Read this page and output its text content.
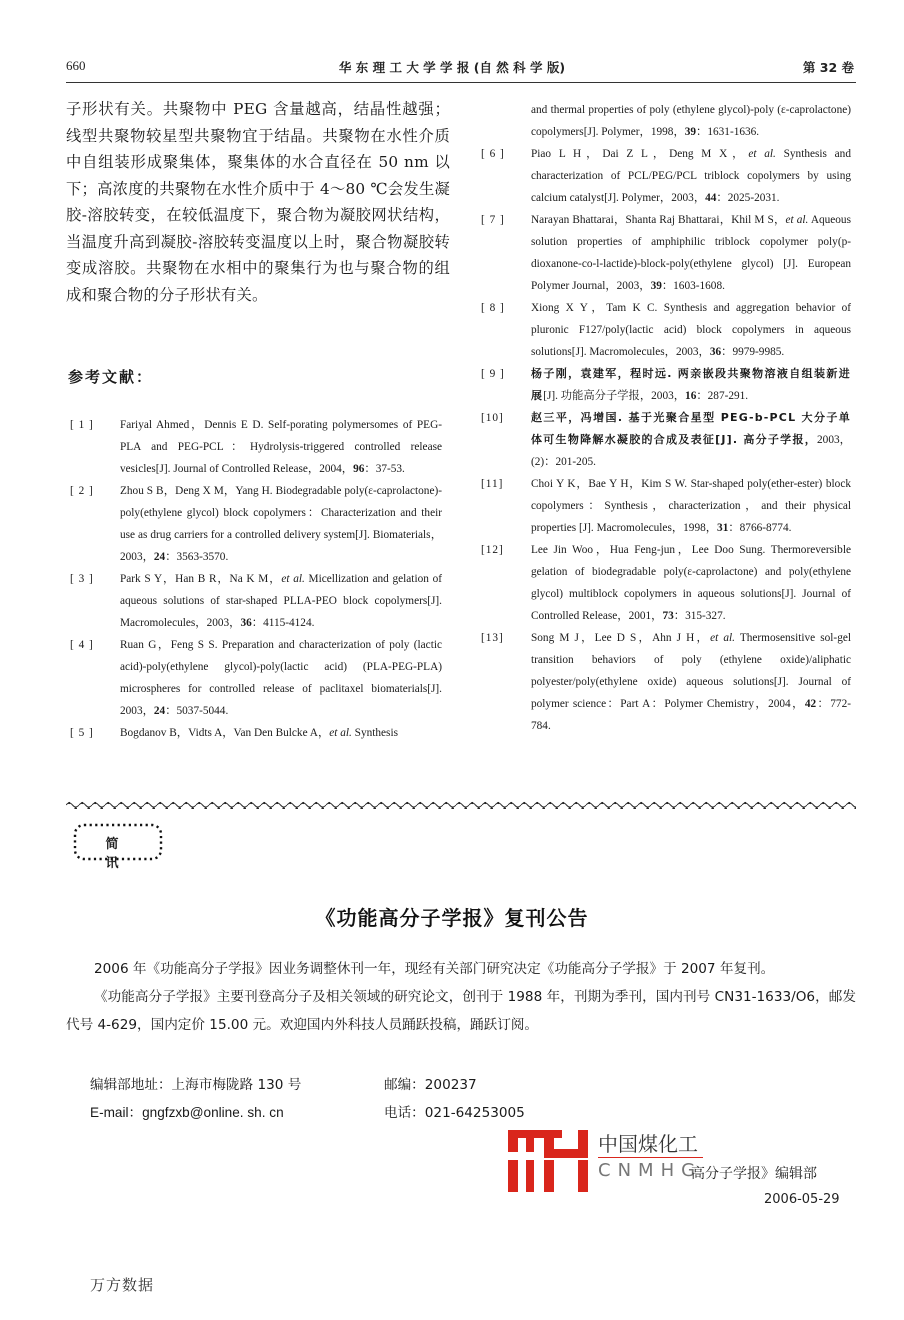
660	华 东 理 工 大 学 学 报 (自 然 科 学 版)	第 32 卷
子形状有关。共聚物中 PEG 含量越高，结晶性越强；线型共聚物较星型共聚物宜于结晶。共聚物在水性介质中自组装形成聚集体，聚集体的水合直径在 50 nm 以下；高浓度的共聚物在水性介质中于 4～80 ℃会发生凝胶-溶胶转变，在较低温度下，聚合物为凝胶网状结构，当温度升高到凝胶-溶胶转变温度以上时，聚合物凝胶转变成溶胶。共聚物在水相中的聚集行为也与聚合物的组成和聚合物的分子形状有关。
参考文献：
[ 1 ]	Fariyal Ahmed，Dennis E D. Self-porating polymersomes of PEG-PLA and PEG-PCL：Hydrolysis-triggered controlled release vesicles[J]. Journal of Controlled Release，2004，96：37-53.
[ 2 ]	Zhou S B，Deng X M，Yang H. Biodegradable poly(ε-caprolactone)-poly(ethylene glycol) block copolymers：Characterization and their use as drug carriers for a controlled delivery system[J]. Biomaterials，2003，24：3563-3570.
[ 3 ]	Park S Y，Han B R，Na K M，et al. Micellization and gelation of aqueous solutions of star-shaped PLLA-PEO block copolymers[J]. Macromolecules，2003，36：4115-4124.
[ 4 ]	Ruan G，Feng S S. Preparation and characterization of poly (lactic acid)-poly(ethylene glycol)-poly(lactic acid) (PLA-PEG-PLA) microspheres for controlled release of paclitaxel biomaterials[J]. 2003，24：5037-5044.
[ 5 ]	Bogdanov B，Vidts A，Van Den Bulcke A，et al. Synthesis
and thermal properties of poly (ethylene glycol)-poly (ε-caprolactone) copolymers[J]. Polymer，1998，39：1631-1636.
[ 6 ]	Piao L H，Dai Z L，Deng M X，et al. Synthesis and characterization of PCL/PEG/PCL triblock copolymers by using calcium catalyst[J]. Polymer，2003，44：2025-2031.
[ 7 ]	Narayan Bhattarai，Shanta Raj Bhattarai，Khil M S，et al. Aqueous solution properties of amphiphilic triblock copolymer poly(p-dioxanone-co-l-lactide)-block-poly(ethylene glycol) [J]. European Polymer Journal，2003，39：1603-1608.
[ 8 ]	Xiong X Y，Tam K C. Synthesis and aggregation behavior of pluronic F127/poly(lactic acid) block copolymers in aqueous solutions[J]. Macromolecules，2003，36：9979-9985.
[ 9 ]	杨子刚，袁建军，程时远. 两亲嵌段共聚物溶液自组装新进展[J]. 功能高分子学报，2003，16：287-291.
[10]	赵三平，冯增国. 基于光聚合星型 PEG-b-PCL 大分子单体可生物降解水凝胶的合成及表征[J]. 高分子学报，2003，(2)：201-205.
[11]	Choi Y K，Bae Y H，Kim S W. Star-shaped poly(ether-ester) block copolymers：Synthesis，characterization，and their physical properties [J]. Macromolecules，1998，31：8766-8774.
[12]	Lee Jin Woo，Hua Feng-jun，Lee Doo Sung. Thermoreversible gelation of biodegradable poly(ε-caprolactone) and poly(ethylene glycol) multiblock copolymers in aqueous solutions[J]. Journal of Controlled Release，2001，73：315-327.
[13]	Song M J，Lee D S，Ahn J H，et al. Thermosensitive sol-gel transition behaviors of poly (ethylene oxide)/aliphatic polyester/poly(ethylene oxide) aqueous solutions[J]. Journal of polymer science：Part A：Polymer Chemistry，2004，42：772-784.
简 讯
《功能高分子学报》复刊公告

2006 年《功能高分子学报》因业务调整休刊一年，现经有关部门研究决定《功能高分子学报》于 2007 年复刊。

《功能高分子学报》主要刊登高分子及相关领域的研究论文，创刊于 1988 年，刊期为季刊，国内刊号 CN31-1633/O6，邮发代号 4-629，国内定价 15.00 元。欢迎国内外科技人员踊跃投稿，踊跃订阅。

编辑部地址：上海市梅陇路 130 号	邮编：200237
E-mail：gngfzxb@online. sh. cn	电话：021-64253005
中国煤化工
CNMHG
高分子学报》编辑部
2006-05-29
万方数据
